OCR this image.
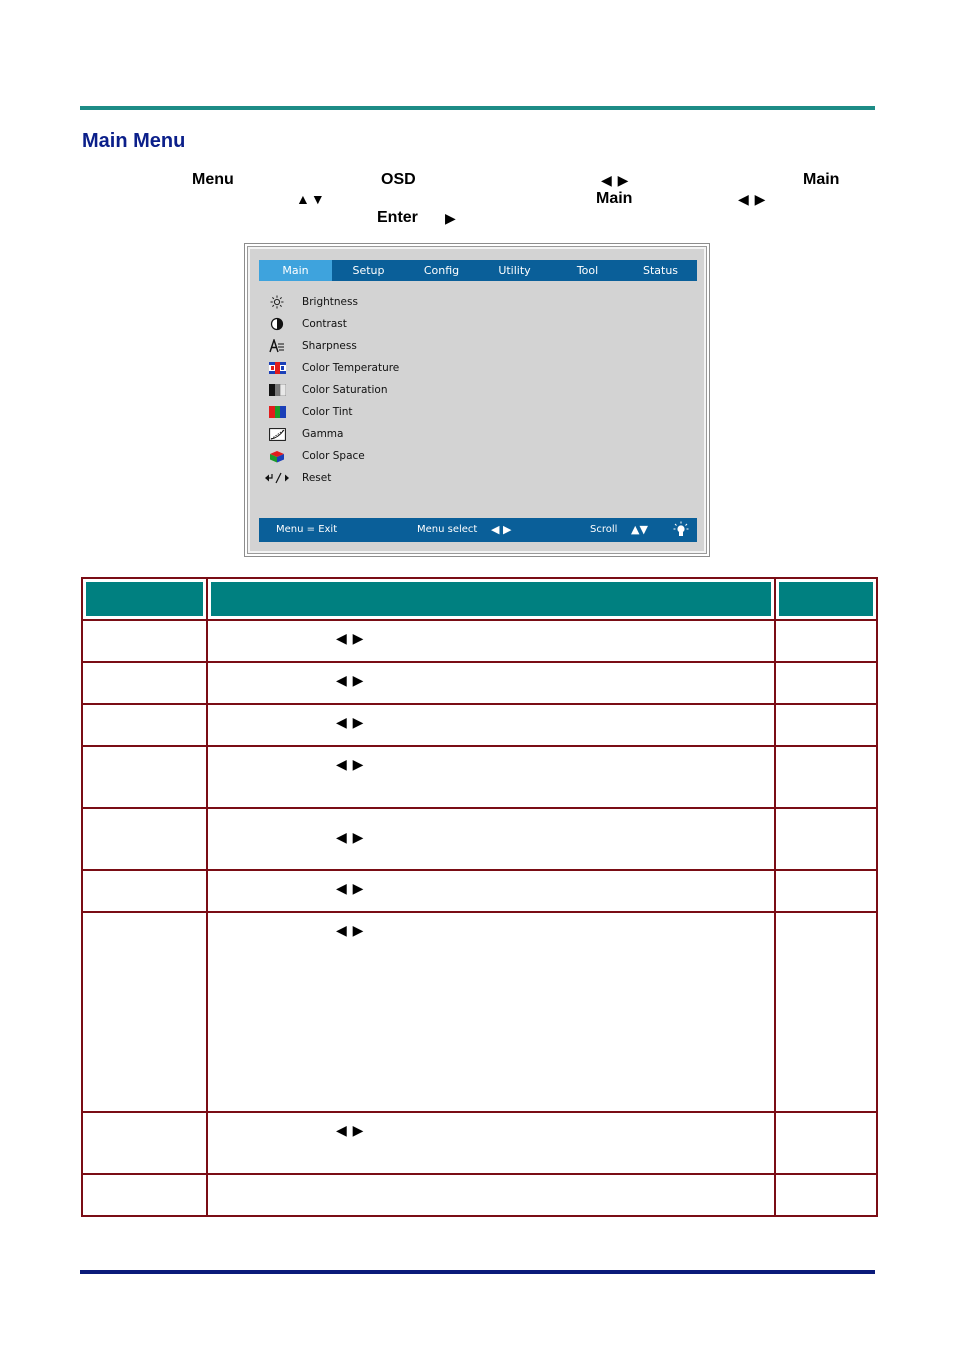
Main Menu
Menu	OSD	◀ ▶	Main
▲▼	Main	◀ ▶
Enter ▶
Main	Setup	Config	Utility	Tool	Status
Brightness
Contrast
Sharpness
Color Temperature
Color Saturation
Color Tint
Gamma
Color Space
Reset
Menu = Exit	Menu select ◀ ▶	Scroll ▲▼

	◀ ▶	

	◀ ▶	

	◀ ▶	

	◀ ▶	

	◀ ▶	

	◀ ▶	

	◀ ▶	

	◀ ▶	
